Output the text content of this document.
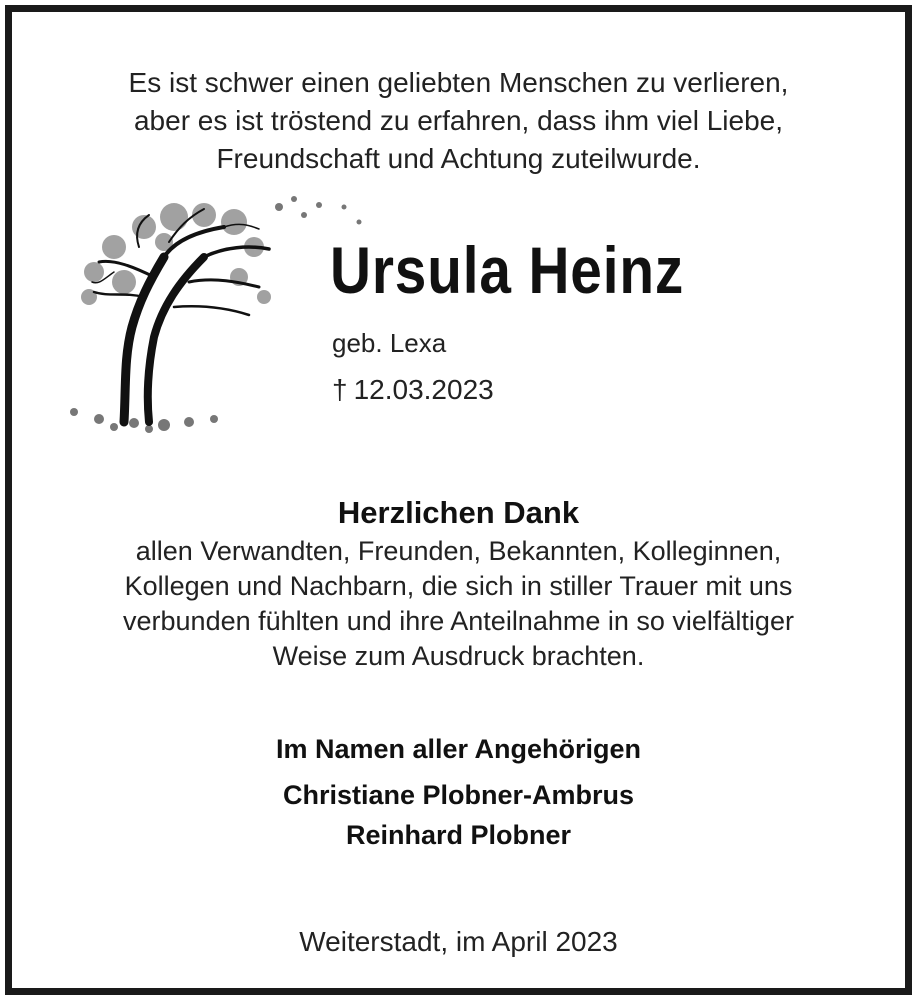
Es ist schwer einen geliebten Menschen zu verlieren,
aber es ist tröstend zu erfahren, dass ihm viel Liebe,
Freundschaft und Achtung zuteilwurde.
Ursula Heinz
geb. Lexa
† 12.03.2023
Herzlichen Dank
allen Verwandten, Freunden, Bekannten, Kolleginnen,
Kollegen und Nachbarn, die sich in stiller Trauer mit uns
verbunden fühlten und ihre Anteilnahme in so vielfältiger
Weise zum Ausdruck brachten.
Im Namen aller Angehörigen
Christiane Plobner-Ambrus
Reinhard Plobner
Weiterstadt, im April 2023
